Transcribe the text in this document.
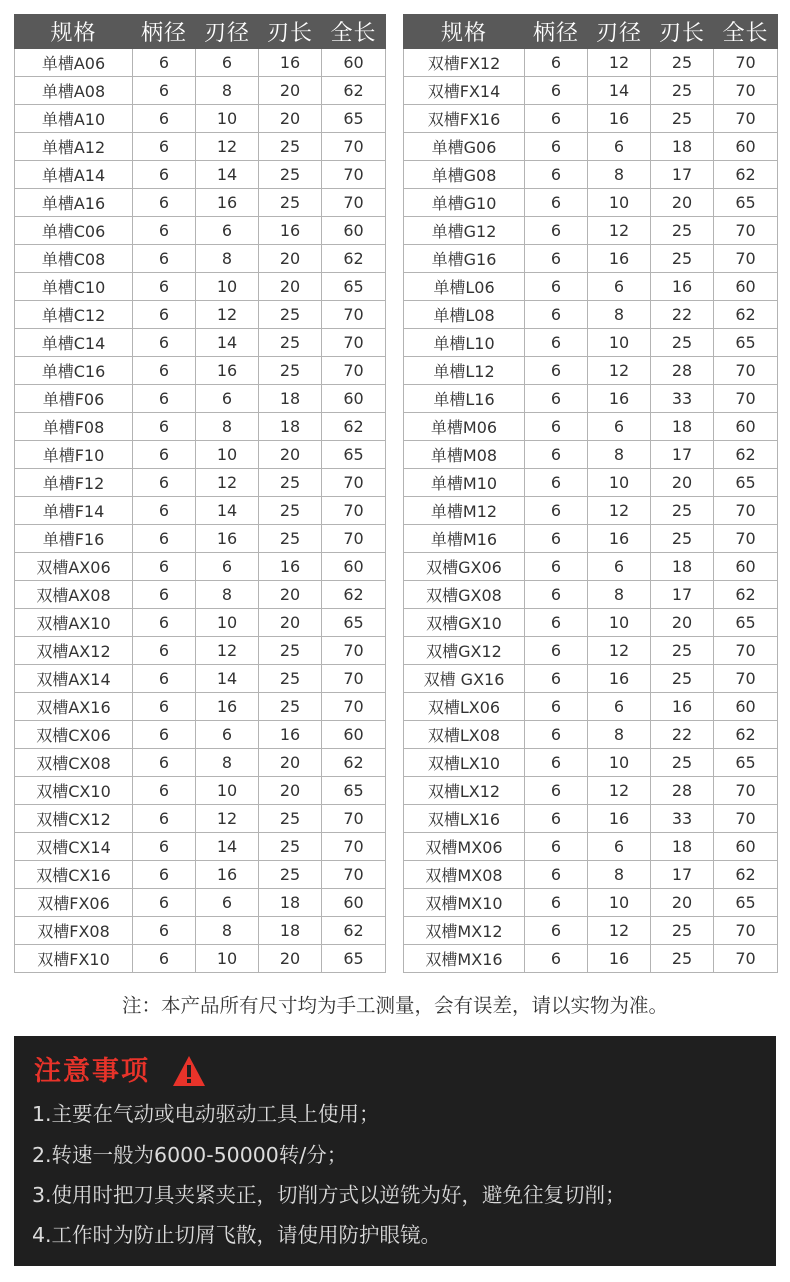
规格	柄径	刃径	刃长	全长
单槽A06	6	6	16	60
单槽A08	6	8	20	62
单槽A10	6	10	20	65
单槽A12	6	12	25	70
单槽A14	6	14	25	70
单槽A16	6	16	25	70
单槽C06	6	6	16	60
单槽C08	6	8	20	62
单槽C10	6	10	20	65
单槽C12	6	12	25	70
单槽C14	6	14	25	70
单槽C16	6	16	25	70
单槽F06	6	6	18	60
单槽F08	6	8	18	62
单槽F10	6	10	20	65
单槽F12	6	12	25	70
单槽F14	6	14	25	70
单槽F16	6	16	25	70
双槽AX06	6	6	16	60
双槽AX08	6	8	20	62
双槽AX10	6	10	20	65
双槽AX12	6	12	25	70
双槽AX14	6	14	25	70
双槽AX16	6	16	25	70
双槽CX06	6	6	16	60
双槽CX08	6	8	20	62
双槽CX10	6	10	20	65
双槽CX12	6	12	25	70
双槽CX14	6	14	25	70
双槽CX16	6	16	25	70
双槽FX06	6	6	18	60
双槽FX08	6	8	18	62
双槽FX10	6	10	20	65
规格	柄径	刃径	刃长	全长
双槽FX12	6	12	25	70
双槽FX14	6	14	25	70
双槽FX16	6	16	25	70
单槽G06	6	6	18	60
单槽G08	6	8	17	62
单槽G10	6	10	20	65
单槽G12	6	12	25	70
单槽G16	6	16	25	70
单槽L06	6	6	16	60
单槽L08	6	8	22	62
单槽L10	6	10	25	65
单槽L12	6	12	28	70
单槽L16	6	16	33	70
单槽M06	6	6	18	60
单槽M08	6	8	17	62
单槽M10	6	10	20	65
单槽M12	6	12	25	70
单槽M16	6	16	25	70
双槽GX06	6	6	18	60
双槽GX08	6	8	17	62
双槽GX10	6	10	20	65
双槽GX12	6	12	25	70
双槽 GX16	6	16	25	70
双槽LX06	6	6	16	60
双槽LX08	6	8	22	62
双槽LX10	6	10	25	65
双槽LX12	6	12	28	70
双槽LX16	6	16	33	70
双槽MX06	6	6	18	60
双槽MX08	6	8	17	62
双槽MX10	6	10	20	65
双槽MX12	6	12	25	70
双槽MX16	6	16	25	70
注：本产品所有尺寸均为手工测量，会有误差，请以实物为准。
注意事项
1.主要在气动或电动驱动工具上使用；
2.转速一般为6000-50000转/分；
3.使用时把刀具夹紧夹正，切削方式以逆铣为好，避免往复切削；
4.工作时为防止切屑飞散，请使用防护眼镜。
